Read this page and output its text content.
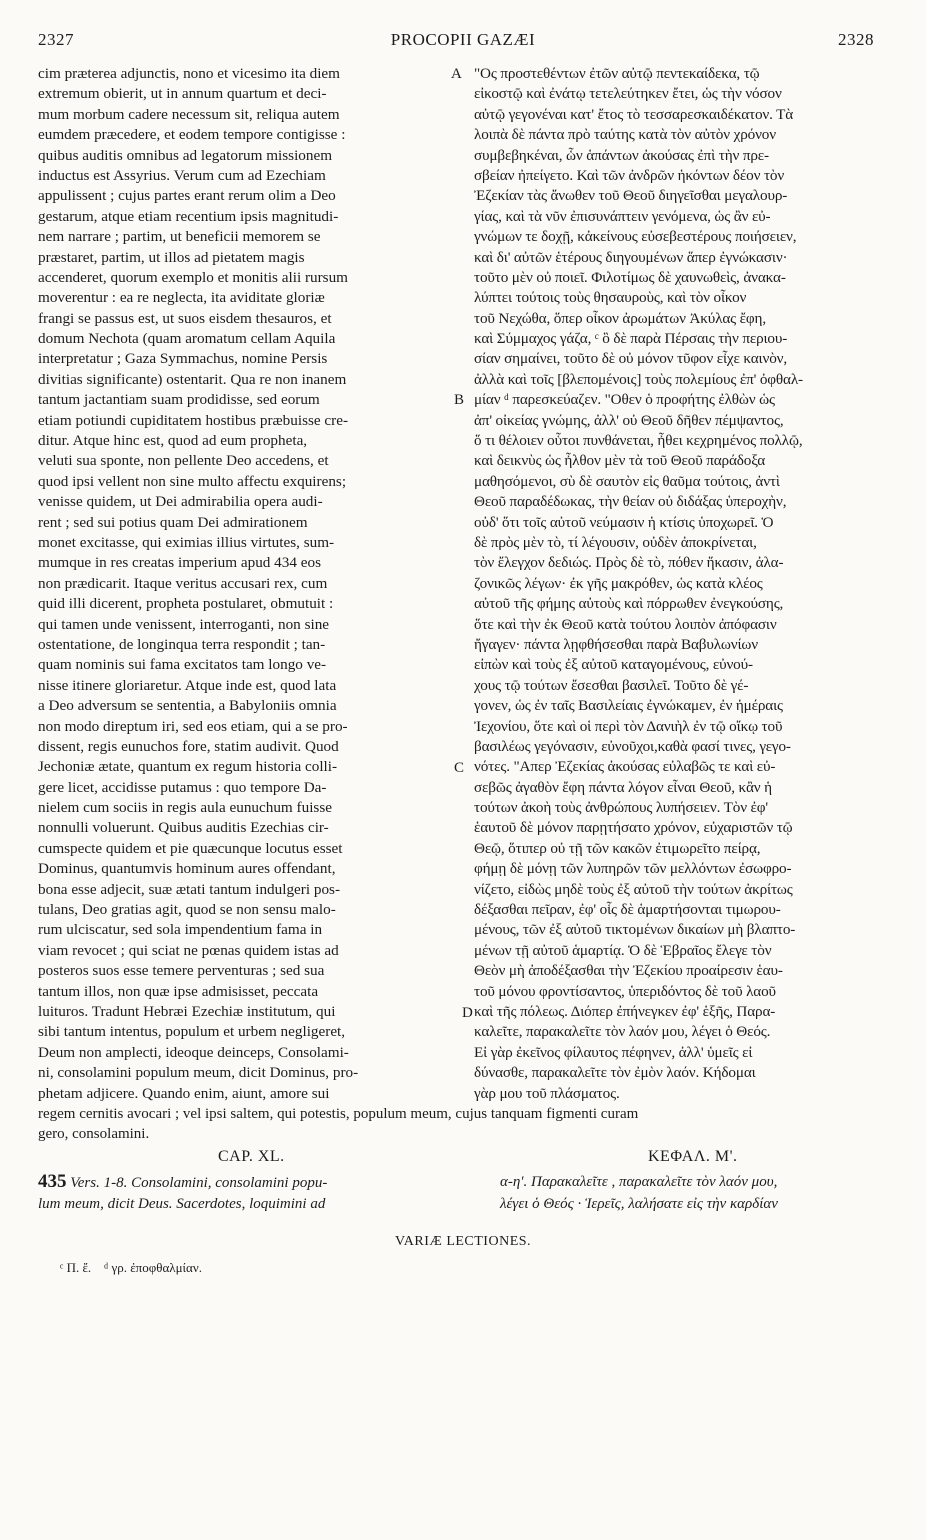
2327	PROCOPII GAZÆI	2328
cim prætereа adjunctis, nono et vicesimo ita diem
extremum obierit, ut in annum quartum et deci-
mum morbum cadere necessum sit, reliqua autem
eumdem præcedere, et eodem tempore contigisse :
quibus auditis omnibus ad legatorum missionem
inductus est Assyrius. Verum cum ad Ezechiam
appulissent ; cujus partes erant rerum olim a Deo
gestarum, atque etiam recentium ipsis magnitudi-
nem narrare ; partim, ut beneficii memorem se
præstaret, partim, ut illos ad pietatem magis
accenderet, quorum exemplo et monitis alii rursum
moverentur : ea re neglecta, ita aviditate gloriæ
frangi se passus est, ut suos eisdem thesauros, et
domum Nechota (quam aromatum cellam Aquila
interpretatur ; Gaza Symmachus, nomine Persis
divitias significante) ostentarit. Qua re non inanem
tantum jactantiam suam prodidisse, sed eorum
etiam potiundi cupiditatem hostibus præbuisse cre-
ditur. Atque hinc est, quod ad eum propheta,
veluti sua sponte, non pellente Deo accedens, et
quod ipsi vellent non sine multo affectu exquirens;
venisse quidem, ut Dei admirabilia opera audi-
rent ; sed sui potius quam Dei admirationem
monet excitasse, qui eximias illius virtutes, sum-
mumque in res creatas imperium apud 434 eos
non prædicarit. Itaque veritus accusari rex, cum
quid illi dicerent, propheta postularet, obmutuit :
qui tamen unde venissent, interroganti, non sine
ostentatione, de longinqua terra respondit ; tan-
quam nominis sui fama excitatos tam longo ve-
nisse itinere gloriaretur. Atque inde est, quod lata
a Deo adversum se sententia, a Babyloniis omnia
non modo direptum iri, sed eos etiam, qui a se pro-
dissent, regis eunuchos fore, statim audivit. Quod
Jechoniæ ætate, quantum ex regum historia colli-
gere licet, accidisse putamus : quo tempore Da-
nielem cum sociis in regis aula eunuchum fuisse
nonnulli voluerunt. Quibus auditis Ezechias cir-
cumspecte quidem et pie quæcunque locutus esset
Dominus, quantumvis hominum aures offendant,
bona esse adjecit, suæ ætati tantum indulgeri pos-
tulans, Deo gratias agit, quod se non sensu malo-
rum ulciscatur, sed sola impendentium fama in
viam revocet ; qui sciat ne pœnas quidem istas ad
posteros suos esse temere perventuras ; sed sua
tantum illos, non quæ ipse admisisset, peccata
luituros. Tradunt Hebræi Ezechiæ institutum, qui
sibi tantum intentus, populum et urbem negligeret,
Deum non amplecti, ideoque deinceps, Consolami-
ni, consolamini populum meum, dicit Dominus, pro-
phetam adjicere. Quando enim, aiunt, amore sui
"Ος προστεθέντων ἐτῶν αὐτῷ πεντεκαίδεκα, τῷ
εἰκοστῷ καὶ ἐνάτῳ τετελεύτηκεν ἔτει, ὡς τὴν νόσον
αὐτῷ γεγονέναι κατ' ἔτος τὸ τεσσαρεσκαιδέκατον. Τὰ
λοιπὰ δὲ πάντα πρὸ ταύτης κατὰ τὸν αὐτὸν χρόνον
συμβεβηκέναι, ὧν ἁπάντων ἀκούσας ἐπὶ τὴν πρε-
σβείαν ἠπείγετο. Καὶ τῶν ἀνδρῶν ἡκόντων δέον τὸν
Ἐζεκίαν τὰς ἄνωθεν τοῦ Θεοῦ διηγεῖσθαι μεγαλουρ-
γίας, καὶ τὰ νῦν ἐπισυνάπτειν γενόμενα, ὡς ἂν εὐ-
γνώμων τε δοχῇ, κἀκείνους εὐσεβεστέρους ποιήσειεν,
καὶ δι' αὐτῶν ἑτέρους διηγουμένων ἅπερ ἐγνώκασιν·
τοῦτο μὲν οὐ ποιεῖ. Φιλοτίμως δὲ χαυνωθεὶς, ἀνακα-
λύπτει τούτοις τοὺς θησαυροὺς, καὶ τὸν οἶκον
τοῦ Νεχώθα, ὅπερ οἶκον ἀρωμάτων Ἀκύλας ἔφη,
καὶ Σύμμαχος γάζα, ᶜ ὃ δὲ παρὰ Πέρσαις τὴν περιου-
σίαν σημαίνει, τοῦτο δὲ οὐ μόνον τῦφον εἶχε καινὸν,
ἀλλὰ καὶ τοῖς [βλεπομένοις] τοὺς πολεμίους ἐπ' ὀφθαλ-
μίαν ᵈ παρεσκεύαζεν. "Οθεν ὁ προφήτης ἐλθὼν ὡς
ἀπ' οἰκείας γνώμης, ἀλλ' οὐ Θεοῦ δῆθεν πέμψαντος,
ὅ τι θέλοιεν οὗτοι πυνθάνεται, ἦθει κεχρημένος πολλῷ,
καὶ δεικνὺς ὡς ἦλθον μὲν τὰ τοῦ Θεοῦ παράδοξα
μαθησόμενοι, σὺ δὲ σαυτὸν εἰς θαῦμα τούτοις, ἀντὶ
Θεοῦ παραδέδωκας, τὴν θείαν οὐ διδάξας ὑπεροχὴν,
οὐδ' ὅτι τοῖς αὐτοῦ νεύμασιν ἡ κτίσις ὑποχωρεῖ. Ὁ
δὲ πρὸς μὲν τὸ, τί λέγουσιν, οὐδὲν ἀποκρίνεται,
τὸν ἔλεγχον δεδιώς. Πρὸς δὲ τὸ, πόθεν ἥκασιν, ἀλα-
ζονικῶς λέγων· ἐκ γῆς μακρόθεν, ὡς κατὰ κλέος
αὐτοῦ τῆς φήμης αὐτοὺς καὶ πόρρωθεν ἐνεγκούσης,
ὅτε καὶ τὴν ἐκ Θεοῦ κατὰ τούτου λοιπὸν ἀπόφασιν
ἤγαγεν· πάντα λῃφθήσεσθαι παρὰ Βαβυλωνίων
εἰπὼν καὶ τοὺς ἐξ αὐτοῦ καταγομένους, εὐνού-
χους τῷ τούτων ἔσεσθαι βασιλεῖ. Τοῦτο δὲ γέ-
γονεν, ὡς ἐν ταῖς Βασιλείαις ἐγνώκαμεν, ἐν ἡμέραις
Ἰεχονίου, ὅτε καὶ οἱ περὶ τὸν Δανιὴλ ἐν τῷ οἴκῳ τοῦ
βασιλέως γεγόνασιν, εὐνοῦχοι,καθὰ φασί τινες, γεγο-
νότες. "Απερ Ἐζεκίας ἀκούσας εὐλαβῶς τε καὶ εὐ-
σεβῶς ἀγαθὸν ἔφη πάντα λόγον εἶναι Θεοῦ, κἂν ἡ
τούτων ἀκοὴ τοὺς ἀνθρώπους λυπήσειεν. Τὸν ἐφ'
ἑαυτοῦ δὲ μόνον παρῃτήσατο χρόνον, εὐχαριστῶν τῷ
Θεῷ, ὅτιπερ οὐ τῇ τῶν κακῶν ἐτιμωρεῖτο πείρᾳ,
φήμῃ δὲ μόνῃ τῶν λυπηρῶν τῶν μελλόντων ἐσωφρο-
νίζετο, εἰδὼς μηδὲ τοὺς ἐξ αὐτοῦ τὴν τούτων ἀκρίτως
δέξασθαι πεῖραν, ἐφ' οἷς δὲ ἁμαρτήσονται τιμωρου-
μένους, τῶν ἐξ αὐτοῦ τικτομένων δικαίων μὴ βλαπτο-
μένων τῇ αὐτοῦ ἁμαρτίᾳ. Ὁ δὲ Ἑβραῖος ἔλεγε τὸν
Θεὸν μὴ ἀποδέξασθαι τὴν Ἐζεκίου προαίρεσιν ἑαυ-
τοῦ μόνου φροντίσαντος, ὑπεριδόντος δὲ τοῦ λαοῦ
καὶ τῆς πόλεως. Διόπερ ἐπήνεγκεν ἐφ' ἑξῆς, Παρα-
καλεῖτε, παρακαλεῖτε τὸν λαόν μου, λέγει ὁ Θεός.
Εἰ γὰρ ἐκεῖνος φίλαυτος πέφηνεν, ἀλλ' ὑμεῖς εἰ
δύνασθε, παρακαλεῖτε τὸν ἐμὸν λαόν. Κήδομαι
γὰρ μου τοῦ πλάσματος.
A
B
C
D
regem cernitis avocari ; vel ipsi saltem, qui potestis, populum meum, cujus tanquam figmenti curam
gero, consolamini.
CAP. XL.	ΚΕΦΑΛ. Μ'.
435 Vers. 1-8. Consolamini, consolamini popu-
lum meum, dicit Deus. Sacerdotes, loquimini ad
α-η'. Παρακαλεῖτε , παρακαλεῖτε τὸν λαόν μου,
λέγει ὁ Θεός · Ἱερεῖς, λαλήσατε εἰς τὴν καρδίαν
VARIÆ LECTIONES.
ᶜ Π. ἔ.    ᵈ γρ. ἐποφθαλμίαν.
